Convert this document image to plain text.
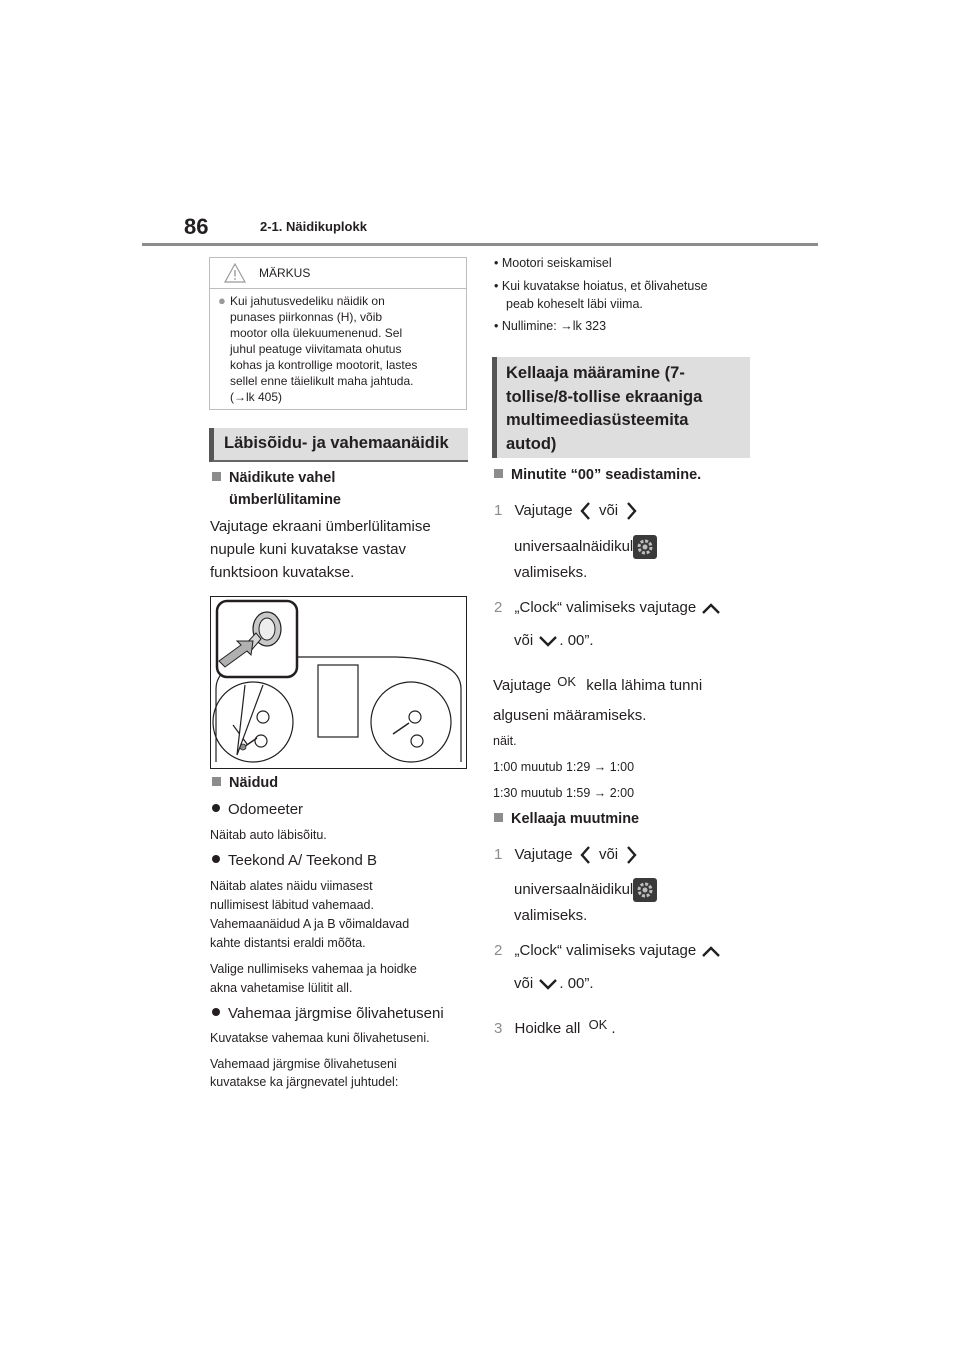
86	2-1. Näidikuplokk
MÄRKUS
● Kui jahutusvedeliku näidik on
punases piirkonnas (H), võib
mootor olla ülekuumenenud. Sel
juhul peatuge viivitamata ohutus
kohas ja kontrollige mootorit, lastes
sellel enne täielikult maha jahtuda.
(→lk 405)
Läbisõidu- ja vahemaanäidik
Näidikute vahel
ümberlülitamine
Vajutage ekraani ümberlülitamise
nupule kuni kuvatakse vastav
funktsioon kuvatakse.
Näidud
Odomeeter
Näitab auto läbisõitu.
Teekond A/ Teekond B
Näitab alates näidu viimasest
nullimisest läbitud vahemaad.
Vahemaanäidud A ja B võimaldavad
kahte distantsi eraldi mõõta.
Valige nullimiseks vahemaa ja hoidke
akna vahetamise lülitit all.
Vahemaa järgmise õlivahetuseni
Kuvatakse vahemaa kuni õlivahetuseni.
Vahemaad järgmise õlivahetuseni
kuvatakse ka järgnevatel juhtudel:
• Mootori seiskamisel
• Kui kuvatakse hoiatus, et õlivahetuse
peab koheselt läbi viima.
• Nullimine: →lk 323
Kellaaja määramine (7-
tollise/8-tollise ekraaniga
multimeediasüsteemita
autod)
Minutite “00” seadistamine.
1 Vajutage või
universaalnäidikul
valimiseks.
2 „Clock“ valimiseks vajutage
või . 00”.
Vajutage OK kella lähima tunni
alguseni määramiseks.
näit.
1:00 muutub 1:29 → 1:00
1:30 muutub 1:59 → 2:00
Kellaaja muutmine
1 Vajutage või
universaalnäidikul
valimiseks.
2 „Clock“ valimiseks vajutage
või . 00”.
3 Hoidke all OK .
